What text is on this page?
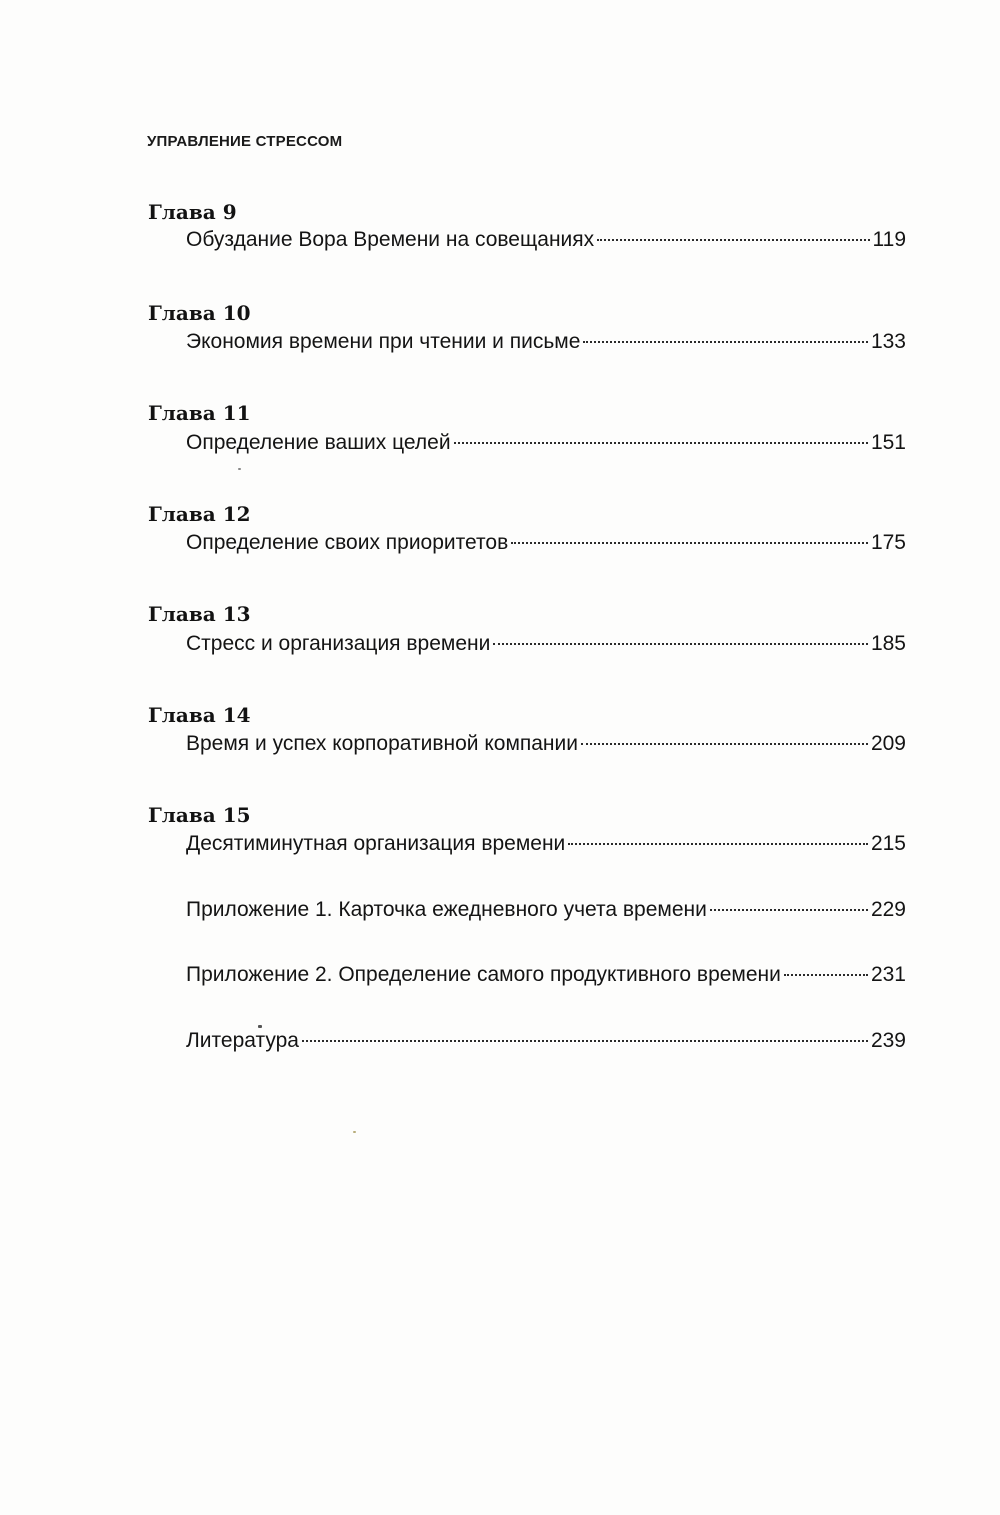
УПРАВЛЕНИЕ СТРЕССОМ
Глава 9
Обуздание Вора Времени на совещаниях	119
Глава 10
Экономия времени при чтении и письме	133
Глава 11
Определение ваших целей	151
Глава 12
Определение своих приоритетов	175
Глава 13
Стресс и организация времени	185
Глава 14
Время и успех корпоративной компании	209
Глава 15
Десятиминутная организация времени	215
Приложение 1. Карточка ежедневного учета времени	229
Приложение 2. Определение самого продуктивного времени	231
Литература	239
